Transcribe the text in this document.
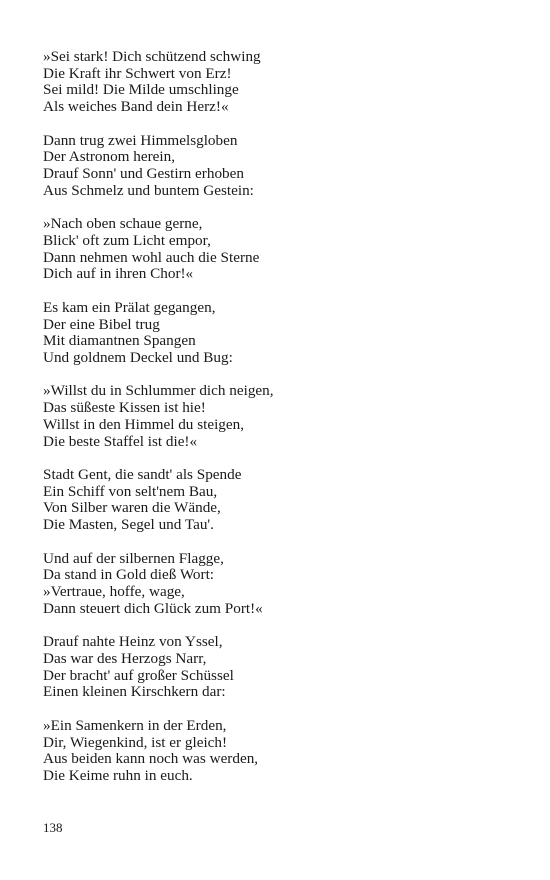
»Sei stark! Dich schützend schwing
Die Kraft ihr Schwert von Erz!
Sei mild! Die Milde umschlinge
Als weiches Band dein Herz!«
Dann trug zwei Himmelsgloben
Der Astronom herein,
Drauf Sonn' und Gestirn erhoben
Aus Schmelz und buntem Gestein:
»Nach oben schaue gerne,
Blick' oft zum Licht empor,
Dann nehmen wohl auch die Sterne
Dich auf in ihren Chor!«
Es kam ein Prälat gegangen,
Der eine Bibel trug
Mit diamantnen Spangen
Und goldnem Deckel und Bug:
»Willst du in Schlummer dich neigen,
Das süßeste Kissen ist hie!
Willst in den Himmel du steigen,
Die beste Staffel ist die!«
Stadt Gent, die sandt' als Spende
Ein Schiff von selt'nem Bau,
Von Silber waren die Wände,
Die Masten, Segel und Tau'.
Und auf der silbernen Flagge,
Da stand in Gold dieß Wort:
»Vertraue, hoffe, wage,
Dann steuert dich Glück zum Port!«
Drauf nahte Heinz von Yssel,
Das war des Herzogs Narr,
Der bracht' auf großer Schüssel
Einen kleinen Kirschkern dar:
»Ein Samenkern in der Erden,
Dir, Wiegenkind, ist er gleich!
Aus beiden kann noch was werden,
Die Keime ruhn in euch.
138
